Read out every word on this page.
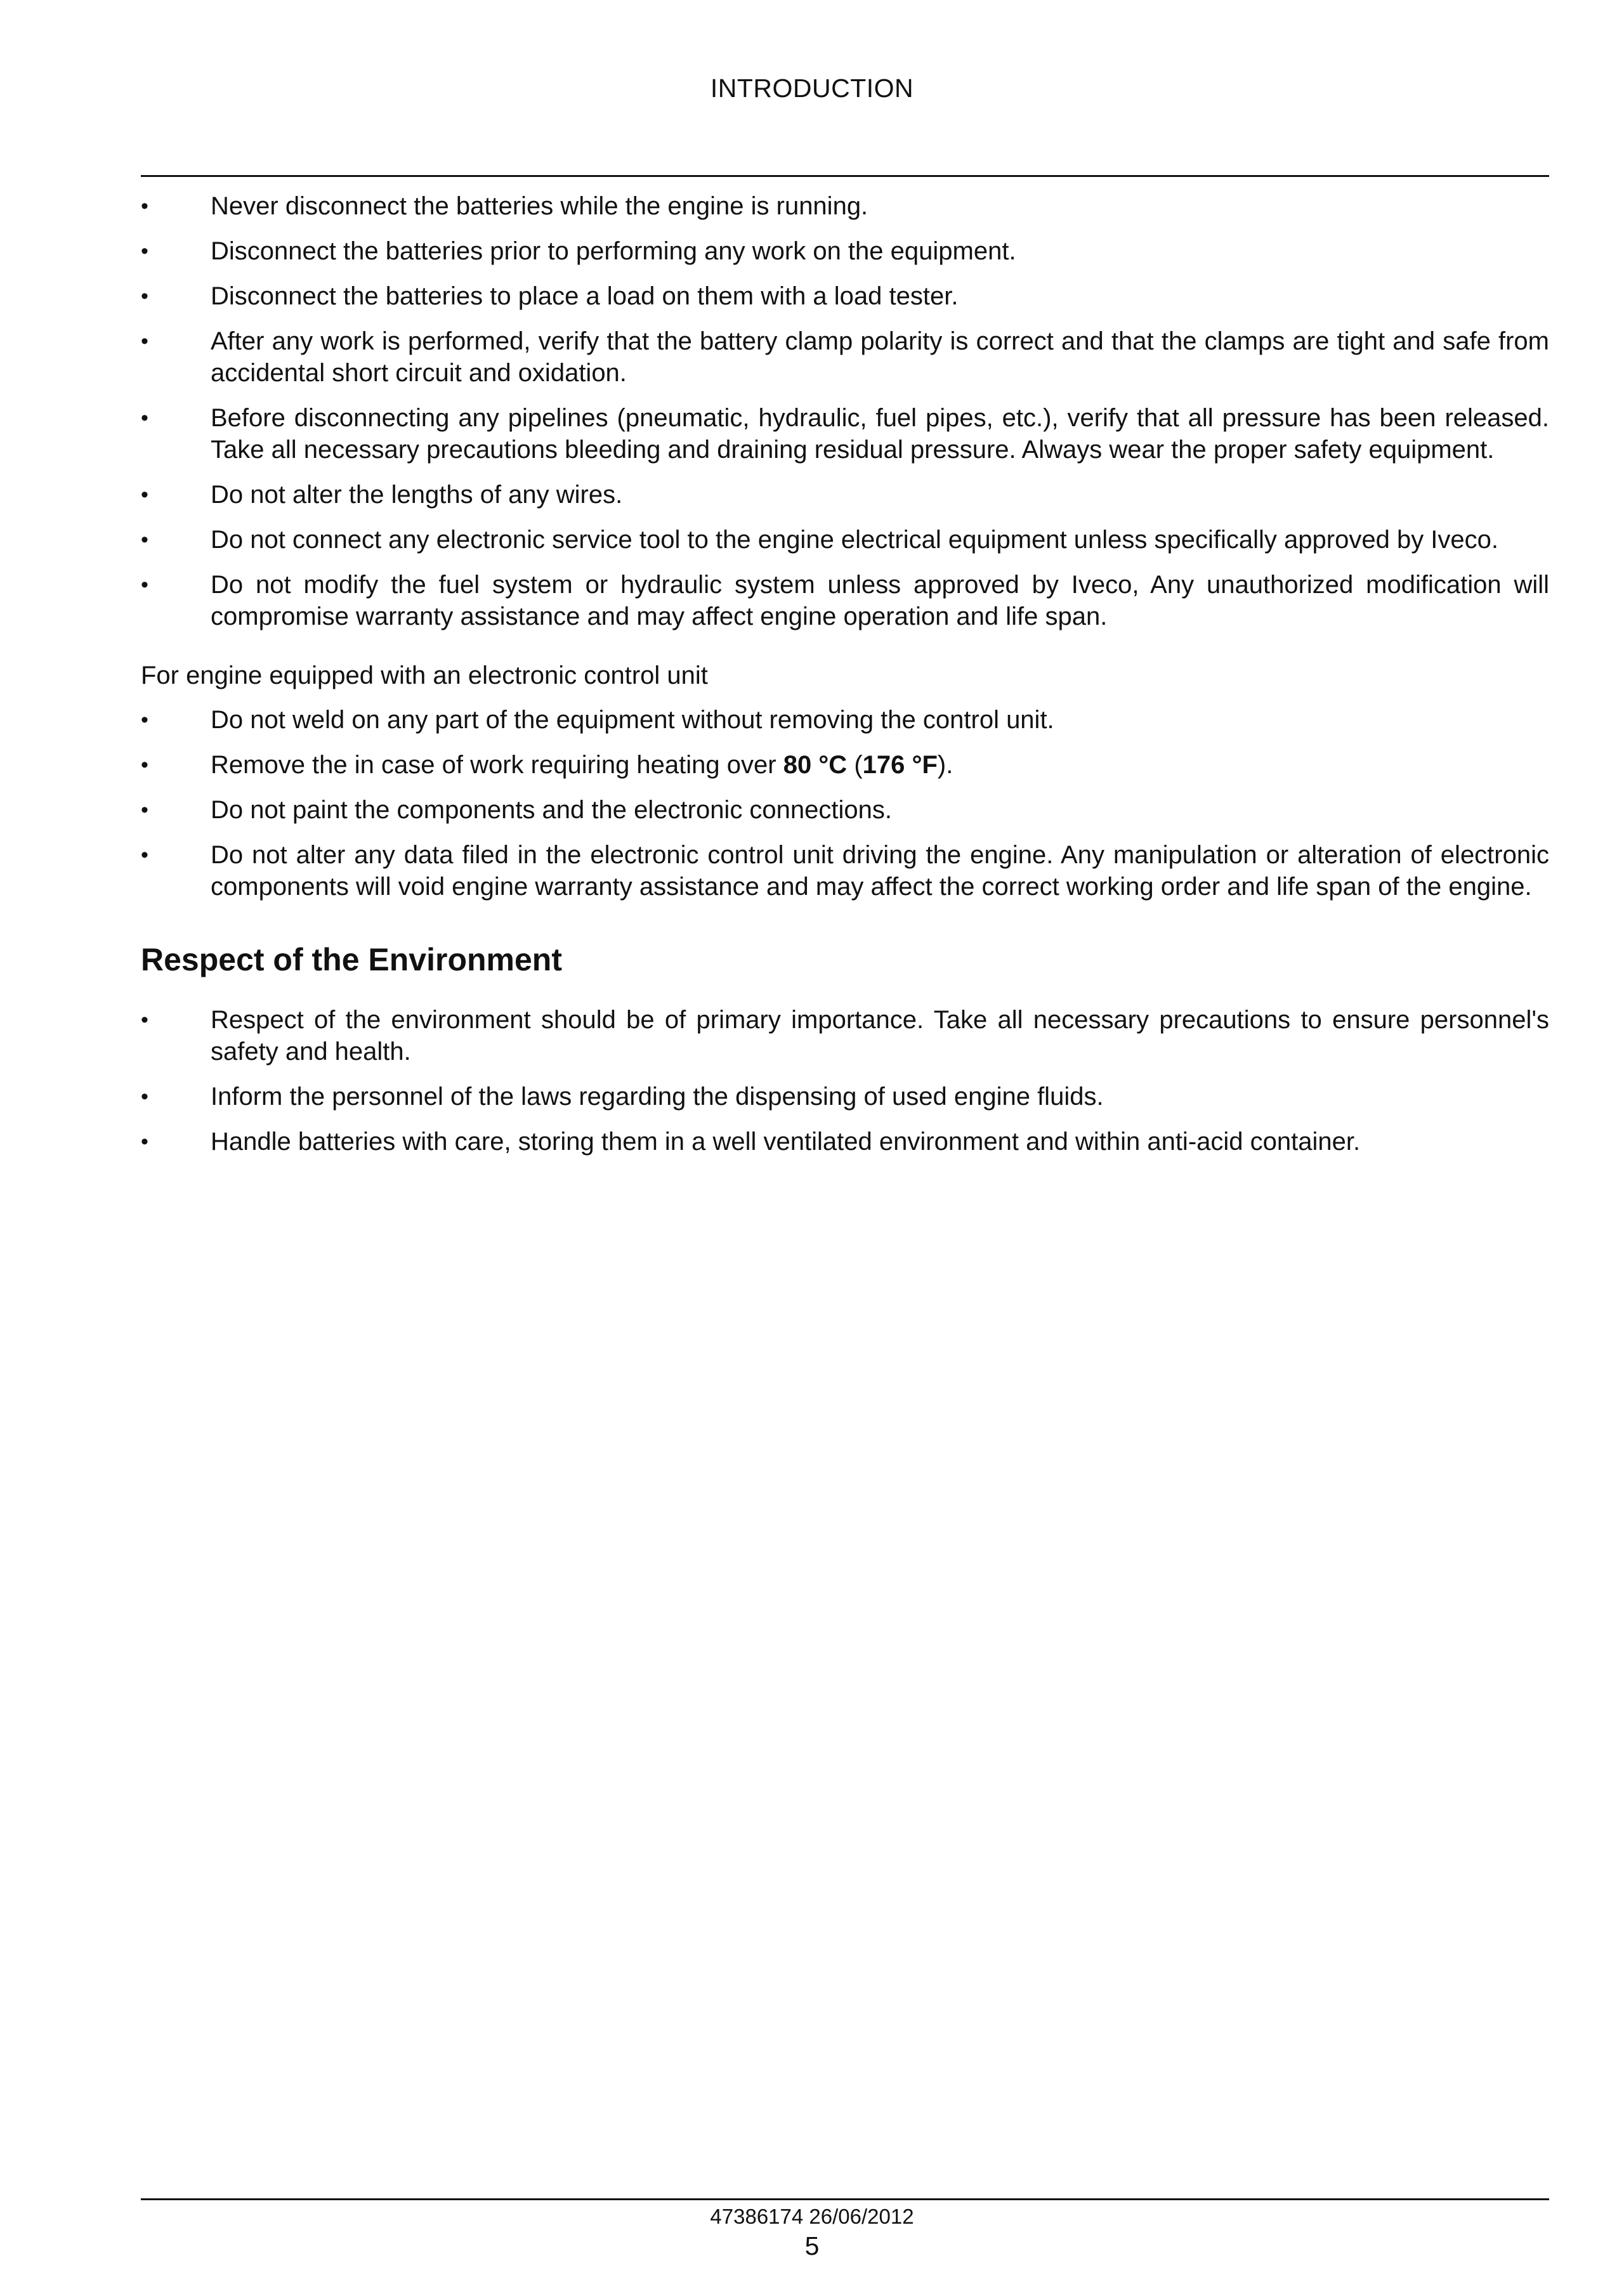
INTRODUCTION
•	Never disconnect the batteries while the engine is running.
•	Disconnect the batteries prior to performing any work on the equipment.
•	Disconnect the batteries to place a load on them with a load tester.
•	After any work is performed, verify that the battery clamp polarity is correct and that the clamps are tight and safe from accidental short circuit and oxidation.
•	Before disconnecting any pipelines (pneumatic, hydraulic, fuel pipes, etc.), verify that all pressure has been released. Take all necessary precautions bleeding and draining residual pressure. Always wear the proper safety equipment.
•	Do not alter the lengths of any wires.
•	Do not connect any electronic service tool to the engine electrical equipment unless specifically approved by Iveco.
•	Do not modify the fuel system or hydraulic system unless approved by Iveco, Any unauthorized modification will compromise warranty assistance and may affect engine operation and life span.
For engine equipped with an electronic control unit
•	Do not weld on any part of the equipment without removing the control unit.
•	Remove the in case of work requiring heating over 80 °C (176 °F).
•	Do not paint the components and the electronic connections.
•	Do not alter any data filed in the electronic control unit driving the engine. Any manipulation or alteration of electronic components will void engine warranty assistance and may affect the correct working order and life span of the engine.
Respect of the Environment
•	Respect of the environment should be of primary importance. Take all necessary precautions to ensure personnel's safety and health.
•	Inform the personnel of the laws regarding the dispensing of used engine fluids.
•	Handle batteries with care, storing them in a well ventilated environment and within anti-acid container.
47386174 26/06/2012
5
